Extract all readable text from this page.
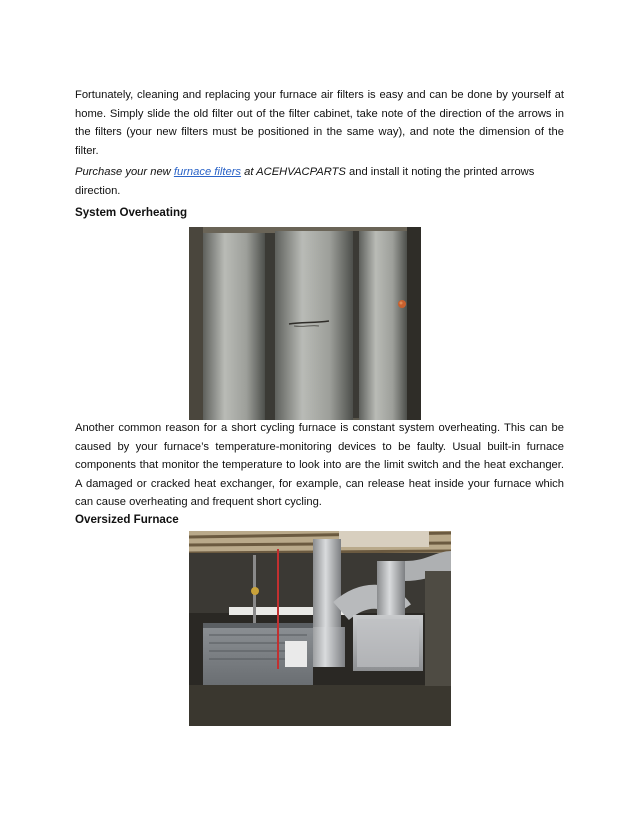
Fortunately, cleaning and replacing your furnace air filters is easy and can be done by yourself at home. Simply slide the old filter out of the filter cabinet, take note of the direction of the arrows in the filters (your new filters must be positioned in the same way), and note the dimension of the filter.

Purchase your new furnace filters at ACEHVACPARTS and install it noting the printed arrows direction.

System Overheating

Another common reason for a short cycling furnace is constant system overheating. This can be caused by your furnace’s temperature-monitoring devices to be faulty. Usual built-in furnace components that monitor the temperature to look into are the limit switch and the heat exchanger. A damaged or cracked heat exchanger, for example, can release heat inside your furnace which can cause overheating and frequent short cycling.

Oversized Furnace
